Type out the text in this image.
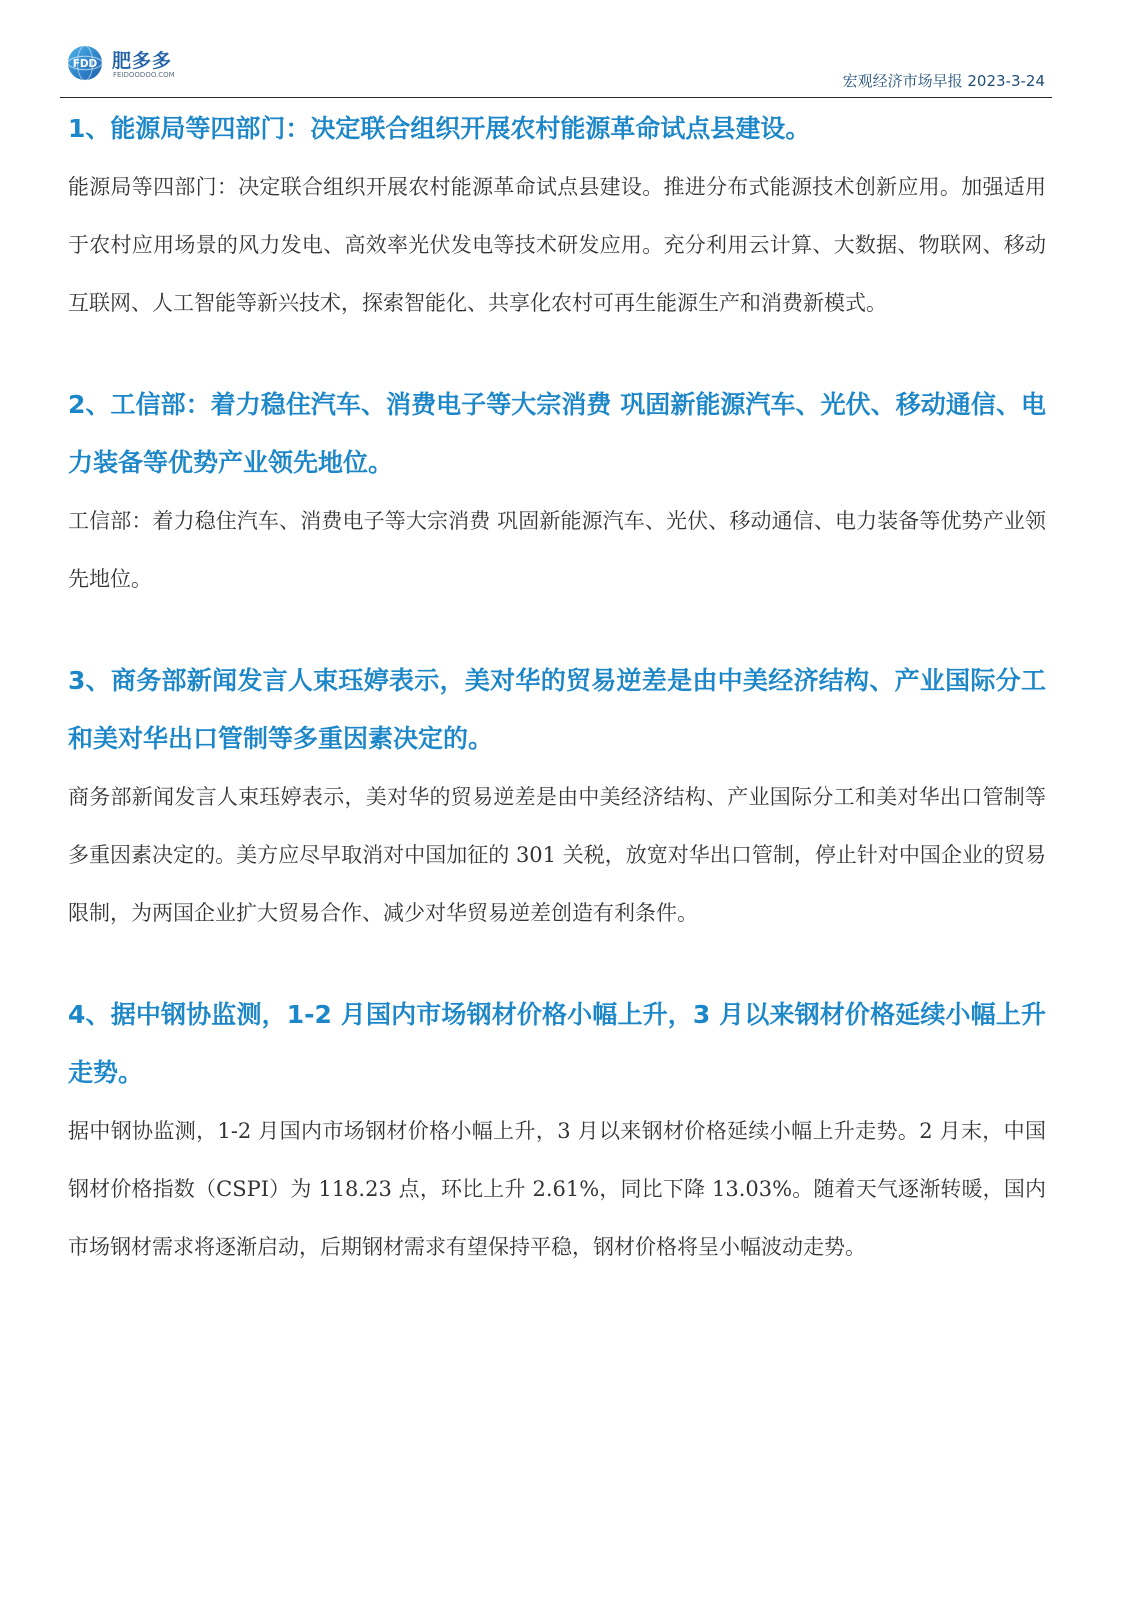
FDD 肥多多
FEIDOODOO.COM	宏观经济市场早报 2023-3-24
1、能源局等四部门：决定联合组织开展农村能源革命试点县建设。

能源局等四部门：决定联合组织开展农村能源革命试点县建设。推进分布式能源技术创新应用。加强适用于农村应用场景的风力发电、高效率光伏发电等技术研发应用。充分利用云计算、大数据、物联网、移动互联网、人工智能等新兴技术，探索智能化、共享化农村可再生能源生产和消费新模式。

2、工信部：着力稳住汽车、消费电子等大宗消费 巩固新能源汽车、光伏、移动通信、电力装备等优势产业领先地位。

工信部：着力稳住汽车、消费电子等大宗消费 巩固新能源汽车、光伏、移动通信、电力装备等优势产业领先地位。

3、商务部新闻发言人束珏婷表示，美对华的贸易逆差是由中美经济结构、产业国际分工和美对华出口管制等多重因素决定的。

商务部新闻发言人束珏婷表示，美对华的贸易逆差是由中美经济结构、产业国际分工和美对华出口管制等多重因素决定的。美方应尽早取消对中国加征的 301 关税，放宽对华出口管制，停止针对中国企业的贸易限制，为两国企业扩大贸易合作、减少对华贸易逆差创造有利条件。

4、据中钢协监测，1-2 月国内市场钢材价格小幅上升，3 月以来钢材价格延续小幅上升走势。

据中钢协监测，1-2 月国内市场钢材价格小幅上升，3 月以来钢材价格延续小幅上升走势。2 月末，中国钢材价格指数（CSPI）为 118.23 点，环比上升 2.61%，同比下降 13.03%。随着天气逐渐转暖，国内市场钢材需求将逐渐启动，后期钢材需求有望保持平稳，钢材价格将呈小幅波动走势。
